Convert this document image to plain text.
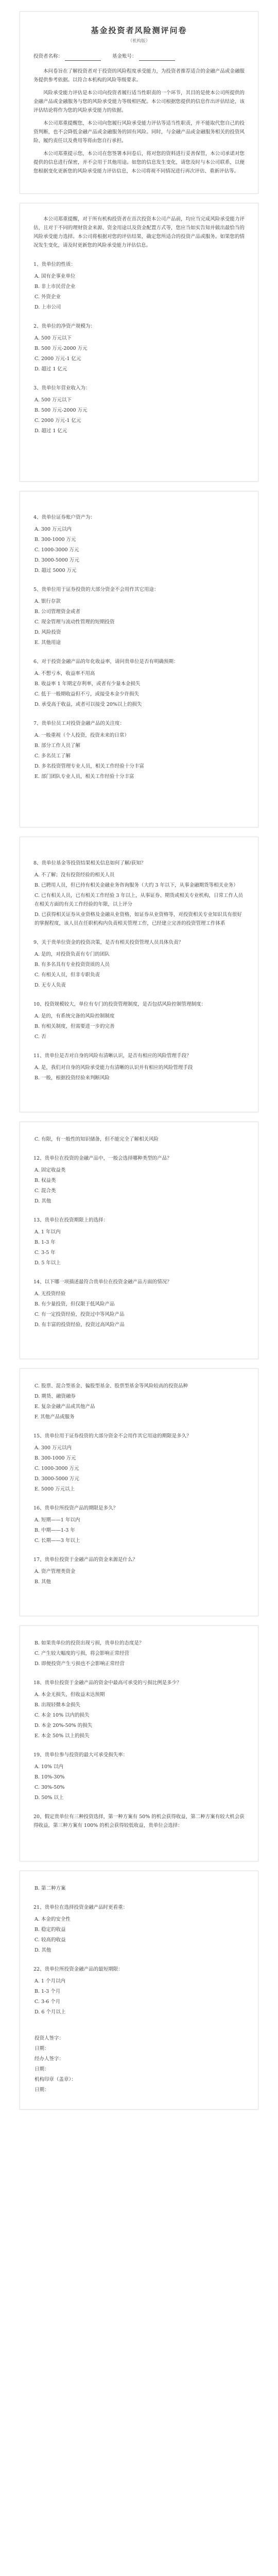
基金投资者风险测评问卷
（机构版）
投资者名称：	基金账号：

本问卷旨在了解投资者对于投资的风险程度承受能力，为投资者推荐适合的金融产品或金融服务提供参考依据。以符合本机构的风险等级要求。

风险承受能力评估是本公司向投资者履行适当性职责的一个环节，其目的是使本公司所提供的金融产品或金融服务与您的风险承受能力等级相匹配。本公司根据您提供的信息作出评估结论，该评估结论将作为您的风险承受能力的依据。

本公司郑重提醒您，本公司向您履行风险承受能力评估等适当性职责，并不能取代您自己的投资判断，也不会降低金融产品或金融服务的固有风险。同时，与金融产品或金融服务相关的投资风险、履约责任以及费用等将由您自行承担。

本公司郑重提示您，本公司在您签署本问卷后，将对您的资料进行妥善保管，本公司承诺对您提供的信息进行保密，并不会用于其他用途。如您的信息发生变化，请您及时与本公司联系，以便您根据变化更新您的风险承受能力评估信息，本公司将视不同情况进行再次评估、重新评估等。

本公司郑重提醒，对于所有机构投资者在首次投资本公司产品前，均应当完成风险承受能力评估，且对于不同的理财资金来源、资金用途以及资金配置方式等，您应当如实告知并做出最恰当的风险承受能力选择。本公司将根据对您的评估结果，确定您所适合的投资产品或服务。如果您的情况发生变化，请及时更新您的风险承受能力评估信息。

1、贵单位的性质：
A. 国有企事业单位
B. 非上市民营企业
C. 外资企业
D. 上市公司
2、贵单位的净资产规模为：
A. 500 万元以下
B. 500 万元-2000 万元
C. 2000 万元-1 亿元
D. 超过 1 亿元
3、贵单位年营业收入为：
A. 500 万元以下
B. 500 万元-2000 万元
C. 2000 万元-1 亿元
D. 超过 1 亿元
4、贵单位证券账户资产为：
A. 300 万元以内
B. 300-1000 万元
C. 1000-3000 万元
D. 3000-5000 万元
D. 超过 5000 万元
5、贵单位用于证券投资的大部分资金不会用作其它用途：
A. 银行存款
B. 公司管理资金或者
C. 现金管理与流动性管理的短期投资
D. 风险投资
E. 其他用途
6、对于投资金融产品的年化收益率，请问贵单位是否有明确预期：
A. 不想亏本，收益率不用高
B. 收益率 1 年期定存利率，或者有少量本金损失
C. 低于一般期收益但不亏，或接受本金少许损失
D. 承受高于收益，或者可以接受 20%以上的损失
7、贵单位员工对投资金融产品的关注度：
A. 一般重视（个人投资，投资未来的日常）
B. 部分工作人员了解
C. 多名员工了解
D. 多名投资管理专业人员，相关工作经验十分丰富
E. 部门团队专业人员，相关工作经验十分丰富
8、贵单位基金等投资结果相关信息如何了解/获知？
A. 不了解；没有投资经验的相关人员
B. 已聘用人员，但已持有相关金融业务咨询服务（大约 3 年以下，从事金融期货等相关业务）
C. 已有相关人员，已有相关工作经验 3 年以上，从事证券、期货或相关专业机构，日常工作人员在相关方面的有关工作经验的年限，以上评分
D. 已获得相关证券从业资格及金融从业资格，如证券从业资格等，对投资相关专业知识具有很好的掌握程度，该人员在任职机构内负责相关管理工作，已经建立完善的投资管理工作体系
9、关于贵单位资金的投资决策，是否有相关投资管理人员具体负责？
A. 是的，对投资负责有专门的团队
B. 有多名具有专业投资资质的人员
C. 有相关人员，但非专职负责
D. 无专人负责
10、投资规模较大，单位有专门的投资管理制度，是否包括风险控制管理制度：
A. 是的，有系统完备的风险控制制度
B. 有相关制度，但需要进一步的完善
C. 否
11、贵单位是否对自身的风险有清晰认识，是否有相应的风险管理手段？
A. 是，我们对自身的风险承受能力有清晰的认识并有相应的风险管理手段
B. 一般，根据投资经验来判断风险
C. 有限，有一般性的知识储备，但不能完全了解相关风险
12、贵单位在投资的金融产品中，一般会选择哪种类型的产品？
A. 固定收益类
B. 权益类
C. 混合类
D. 其他
13、贵单位在投资期限上的选择：
A. 1 年以内
B. 1-3 年
C. 3-5 年
D. 5 年以上
14、以下哪一项描述最符合贵单位在投资金融产品方面的情况？
A. 无投资经验
B. 有少量投资，但仅限于低风险产品
C. 有一定投资经验，投资过中等风险产品
D. 有丰富的投资经验，投资过高风险产品
C. 股票、混合型基金、偏股型基金、股票型基金等风险较高的投资品种
D. 期货、融资融券
E. 复杂金融产品或其他产品
F. 其他产品或服务
15、贵单位用于证券投资的大部分资金不会用作其它用途的期限是多久？
A. 300 万元以内
B. 300-1000 万元
C. 1000-3000 万元
D. 3000-5000 万元
E. 5000 万元以上
16、贵单位所投资产品的期限是多久？
A. 短期——1 年以内
B. 中期——1-3 年
C. 长期——3 年以上
17、贵单位投资于金融产品的资金来源是什么？
A. 资产管理类资金
B. 其他
B. 如果贵单位的投资出现亏损，贵单位的态度是？
C. 产生较大幅度的亏损，将会影响正常经营
D. 即便投资产生亏损也不会影响正常经营
18、贵单位投资于金融产品的资金中最高可承受的亏损比例是多少？
A. 本金无损失，但收益未达预期
B. 出现轻微本金损失
C. 本金 10% 以内的损失
D. 本金 20%-50% 的损失
E. 本金 50% 以上的损失
19、贵单位参与投资的最大可承受损失率：
A. 10% 以内
B. 10%-30%
C. 30%-50%
D. 50% 以上
20、假定贵单位有三种投资选择，第一种方案有 50% 的机会获得收益，第二种方案有较大机会获得收益，第三种方案有 100% 的机会获得较低收益，贵单位会选择：
B. 第二种方案
21、贵单位在选择投资金融产品时更看重：
A. 本金的安全性
B. 稳定的收益
C. 较高的收益
D. 其他
22、贵单位所投资金融产品的最短期限：
A. 1 个月以内
B. 1-3 个月
C. 3-6 个月
D. 6 个月以上
投资人签字：
日期：
经办人签字：
日期：
机构印章（盖章）：
日期：
